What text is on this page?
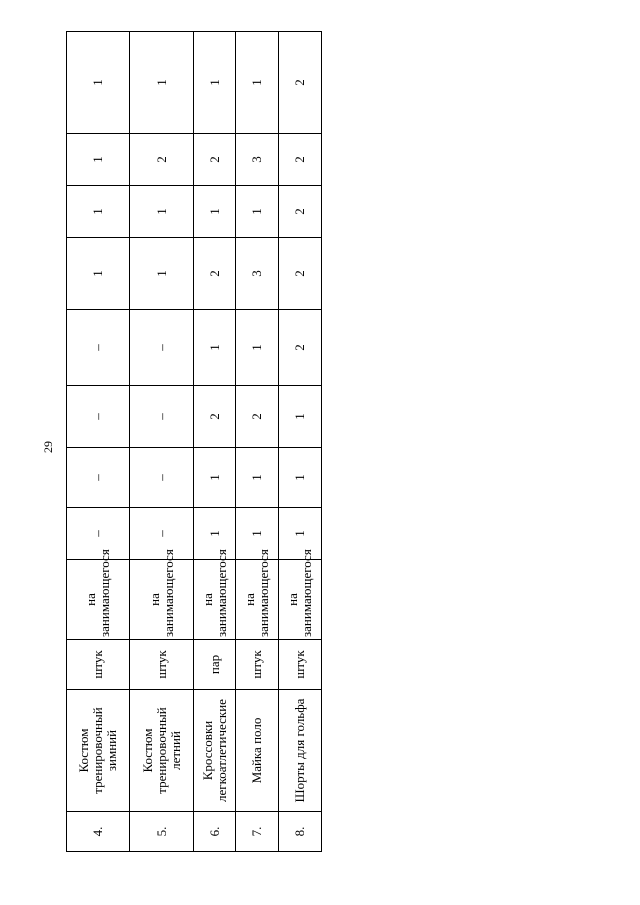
29
4.	Костюм тренировочный зимний	штук	на занимающегося	–	–	–	–	1	1	1	1
5.	Костюм тренировочный летний	штук	на занимающегося	–	–	–	–	1	1	2	1
6.	Кроссовки легкоатлетические	пар	на занимающегося	1	1	2	1	2	1	2	1
7.	Майка поло	штук	на занимающегося	1	1	2	1	3	1	3	1
8.	Шорты для гольфа	штук	на занимающегося	1	1	1	2	2	2	2	2
